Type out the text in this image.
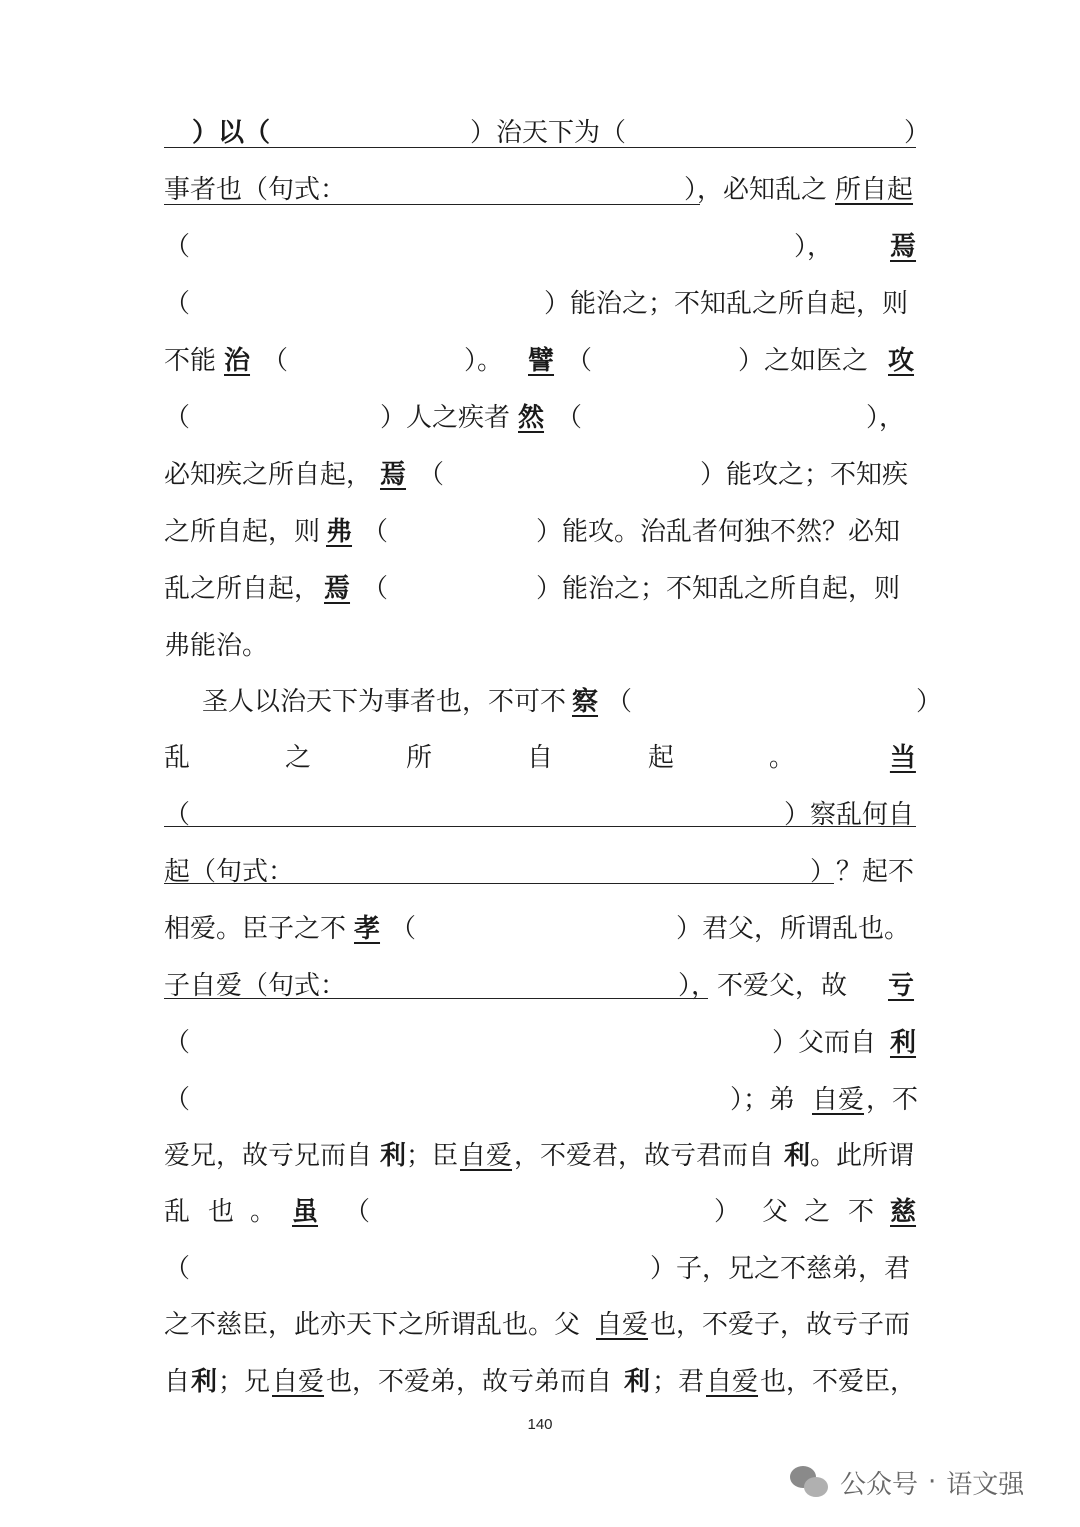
）以（	）治天下为（	）
事者也（句式：	），必知乱之 所自起
（	）， 焉
（	）能治之；不知乱之所自起，则
不能 治 （	）。 譬 （	）之如医之 攻
（	）人之疾者 然 （	），
必知疾之所自起， 焉 （	）能攻之；不知疾
之所自起，则 弗 （	）能攻。治乱者何独不然？必知
乱之所自起， 焉 （	）能治之；不知乱之所自起，则
弗能治。
圣人以治天下为事者也，不可不 察 （	）
乱	之	所	自	起	。	当
（	）察乱何自
起（句式：	）？起不
相爱。臣子之不 孝 （	）君父，所谓乱也。
子自爱（句式：	），不爱父，故 亏
（	）父而自 利
（	）；弟 自爱 ，不
爱兄，故亏兄而自 利 ；臣 自爱 ，不爱君，故亏君而自 利 。此所谓
乱 也 。 虽 （	） 父 之 不 慈
（	）子，兄之不慈弟，君
之不慈臣，此亦天下之所谓乱也。父 自爱 也，不爱子，故亏子而
自 利 ；兄 自爱 也，不爱弟，故亏弟而自 利 ；君 自爱 也，不爱臣，
140
公众号 · 语文强
